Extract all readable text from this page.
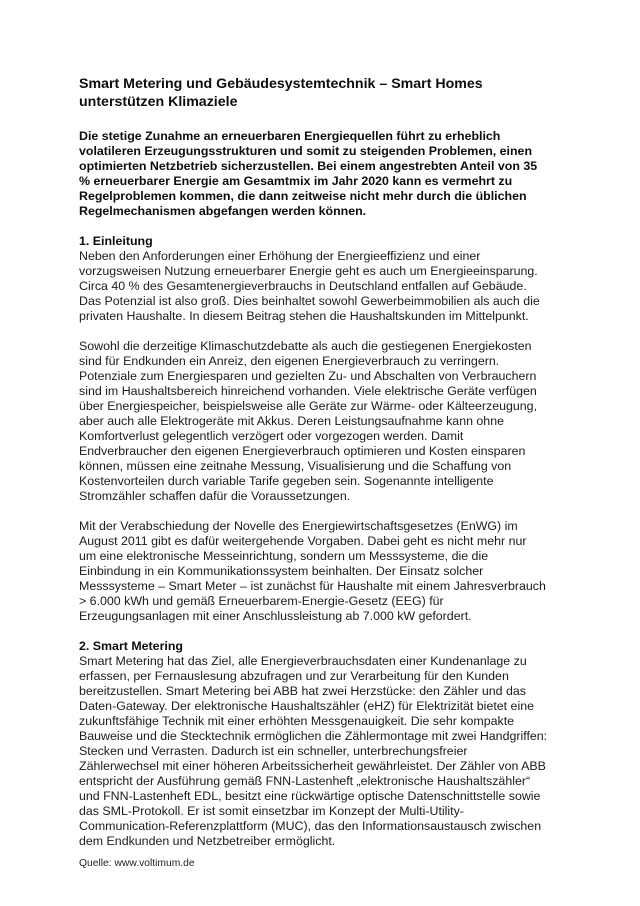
Smart Metering und Gebäudesystemtechnik – Smart Homes
unterstützen Klimaziele
Die stetige Zunahme an erneuerbaren Energiequellen führt zu erheblich
volatileren Erzeugungsstrukturen und somit zu steigenden Problemen, einen
optimierten Netzbetrieb sicherzustellen. Bei einem angestrebten Anteil von 35
% erneuerbarer Energie am Gesamtmix im Jahr 2020 kann es vermehrt zu
Regelproblemen kommen, die dann zeitweise nicht mehr durch die üblichen
Regelmechanismen abgefangen werden können.
1. Einleitung
Neben den Anforderungen einer Erhöhung der Energieeffizienz und einer
vorzugsweisen Nutzung erneuerbarer Energie geht es auch um Energieeinsparung.
Circa 40 % des Gesamtenergieverbrauchs in Deutschland entfallen auf Gebäude.
Das Potenzial ist also groß. Dies beinhaltet sowohl Gewerbeimmobilien als auch die
privaten Haushalte. In diesem Beitrag stehen die Haushaltskunden im Mittelpunkt.
Sowohl die derzeitige Klimaschutzdebatte als auch die gestiegenen Energiekosten
sind für Endkunden ein Anreiz, den eigenen Energieverbrauch zu verringern.
Potenziale zum Energiesparen und gezielten Zu- und Abschalten von Verbrauchern
sind im Haushaltsbereich hinreichend vorhanden. Viele elektrische Geräte verfügen
über Energiespeicher, beispielsweise alle Geräte zur Wärme- oder Kälteerzeugung,
aber auch alle Elektrogeräte mit Akkus. Deren Leistungsaufnahme kann ohne
Komfortverlust gelegentlich verzögert oder vorgezogen werden. Damit
Endverbraucher den eigenen Energieverbrauch optimieren und Kosten einsparen
können, müssen eine zeitnahe Messung, Visualisierung und die Schaffung von
Kostenvorteilen durch variable Tarife gegeben sein. Sogenannte intelligente
Stromzähler schaffen dafür die Voraussetzungen.
Mit der Verabschiedung der Novelle des Energiewirtschaftsgesetzes (EnWG) im
August 2011 gibt es dafür weitergehende Vorgaben. Dabei geht es nicht mehr nur
um eine elektronische Messeinrichtung, sondern um Messsysteme, die die
Einbindung in ein Kommunikationssystem beinhalten. Der Einsatz solcher
Messsysteme – Smart Meter – ist zunächst für Haushalte mit einem Jahresverbrauch
> 6.000 kWh und gemäß Erneuerbarem-Energie-Gesetz (EEG) für
Erzeugungsanlagen mit einer Anschlussleistung ab 7.000 kW gefordert.
2. Smart Metering
Smart Metering hat das Ziel, alle Energieverbrauchsdaten einer Kundenanlage zu
erfassen, per Fernauslesung abzufragen und zur Verarbeitung für den Kunden
bereitzustellen. Smart Metering bei ABB hat zwei Herzstücke: den Zähler und das
Daten-Gateway. Der elektronische Haushaltszähler (eHZ) für Elektrizität bietet eine
zukunftsfähige Technik mit einer erhöhten Messgenauigkeit. Die sehr kompakte
Bauweise und die Stecktechnik ermöglichen die Zählermontage mit zwei Handgriffen:
Stecken und Verrasten. Dadurch ist ein schneller, unterbrechungsfreier
Zählerwechsel mit einer höheren Arbeitssicherheit gewährleistet. Der Zähler von ABB
entspricht der Ausführung gemäß FNN-Lastenheft „elektronische Haushaltszähler“
und FNN-Lastenheft EDL, besitzt eine rückwärtige optische Datenschnittstelle sowie
das SML-Protokoll. Er ist somit einsetzbar im Konzept der Multi-Utility-
Communication-Referenzplattform (MUC), das den Informationsaustausch zwischen
dem Endkunden und Netzbetreiber ermöglicht.
Quelle: www.voltimum.de
